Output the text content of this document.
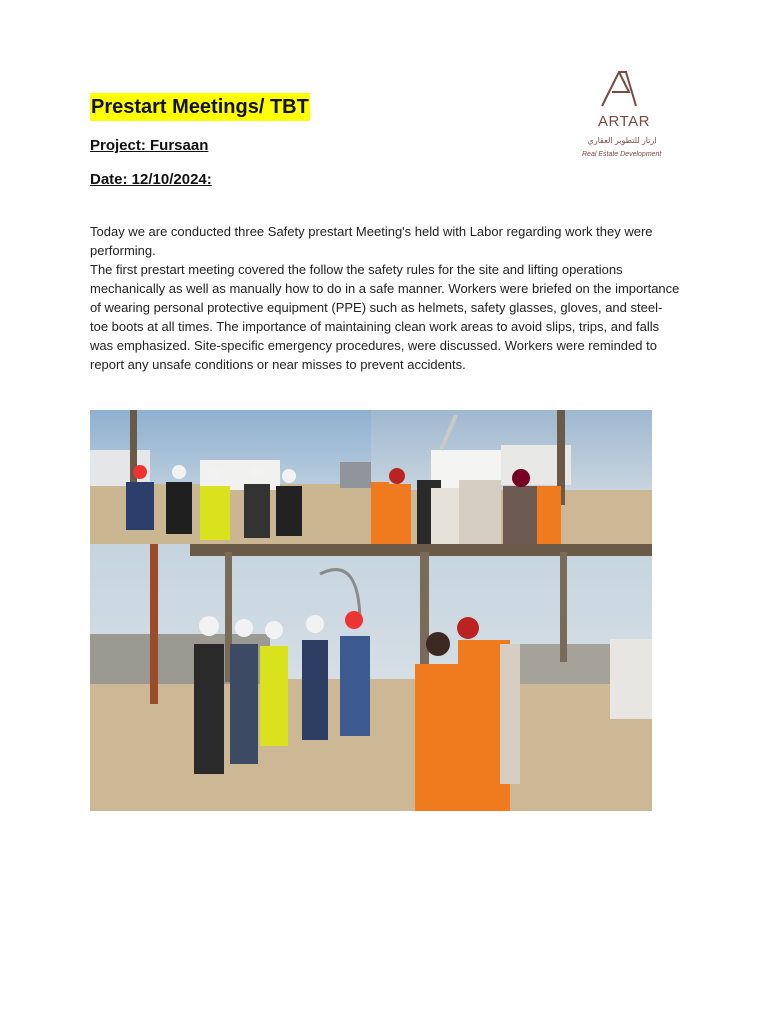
Prestart Meetings/ TBT
Project: Fursaan
Date: 12/10/2024:
ARTAR
ارتار للتطوير العقاري
Real Estate Development

Today we are conducted three Safety prestart Meeting's held with Labor regarding work they were performing.

The first prestart meeting covered the follow the safety rules for the site and lifting operations mechanically as well as manually how to do in a safe manner. Workers were briefed on the importance of wearing personal protective equipment (PPE) such as helmets, safety glasses, gloves, and steel-toe boots at all times. The importance of maintaining clean work areas to avoid slips, trips, and falls was emphasized. Site-specific emergency procedures, were discussed. Workers were reminded to report any unsafe conditions or near misses to prevent accidents.
